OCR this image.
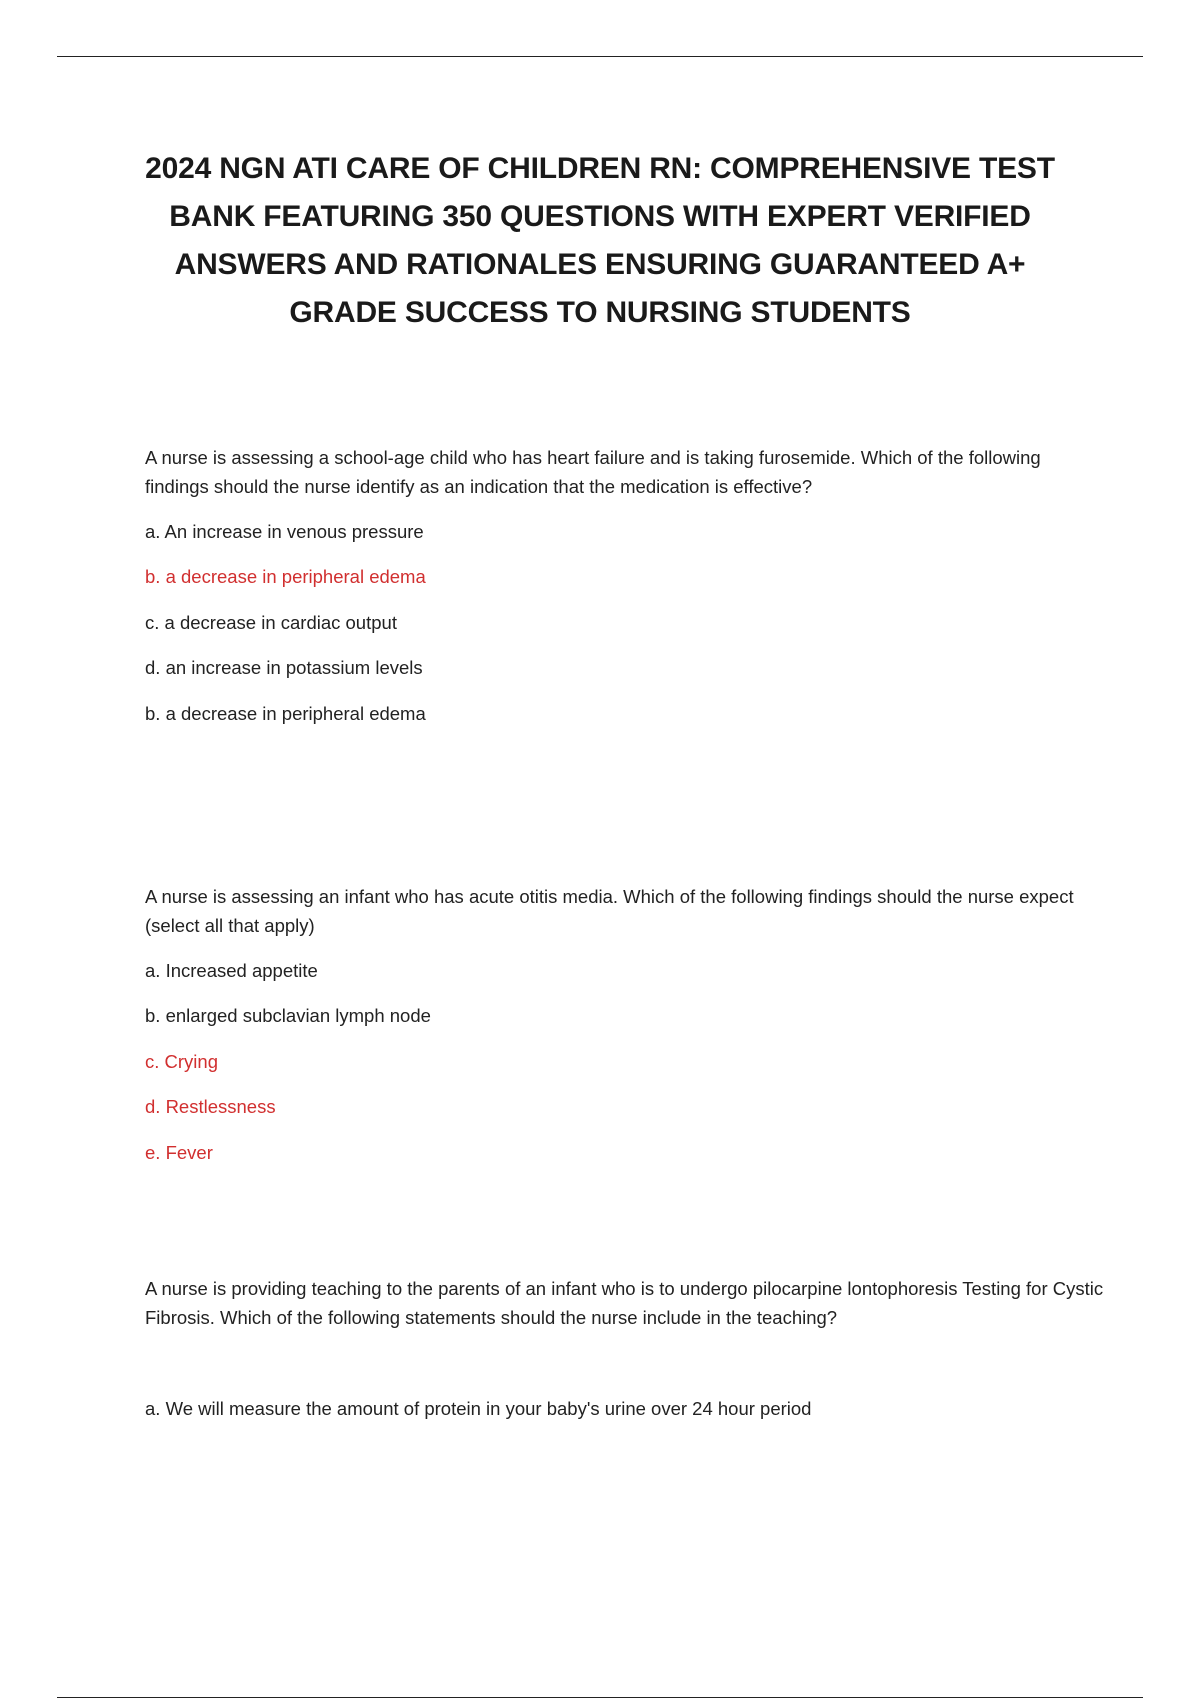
2024 NGN ATI CARE OF CHILDREN RN: COMPREHENSIVE TEST BANK FEATURING 350 QUESTIONS WITH EXPERT VERIFIED ANSWERS AND RATIONALES ENSURING GUARANTEED A+ GRADE SUCCESS TO NURSING STUDENTS

A nurse is assessing a school-age child who has heart failure and is taking furosemide. Which of the following findings should the nurse identify as an indication that the medication is effective?

a. An increase in venous pressure

b. a decrease in peripheral edema

c. a decrease in cardiac output

d. an increase in potassium levels

b. a decrease in peripheral edema

A nurse is assessing an infant who has acute otitis media. Which of the following findings should the nurse expect (select all that apply)

a. Increased appetite

b. enlarged subclavian lymph node

c. Crying

d. Restlessness

e. Fever

A nurse is providing teaching to the parents of an infant who is to undergo pilocarpine lontophoresis Testing for Cystic Fibrosis. Which of the following statements should the nurse include in the teaching?

a. We will measure the amount of protein in your baby's urine over 24 hour period
